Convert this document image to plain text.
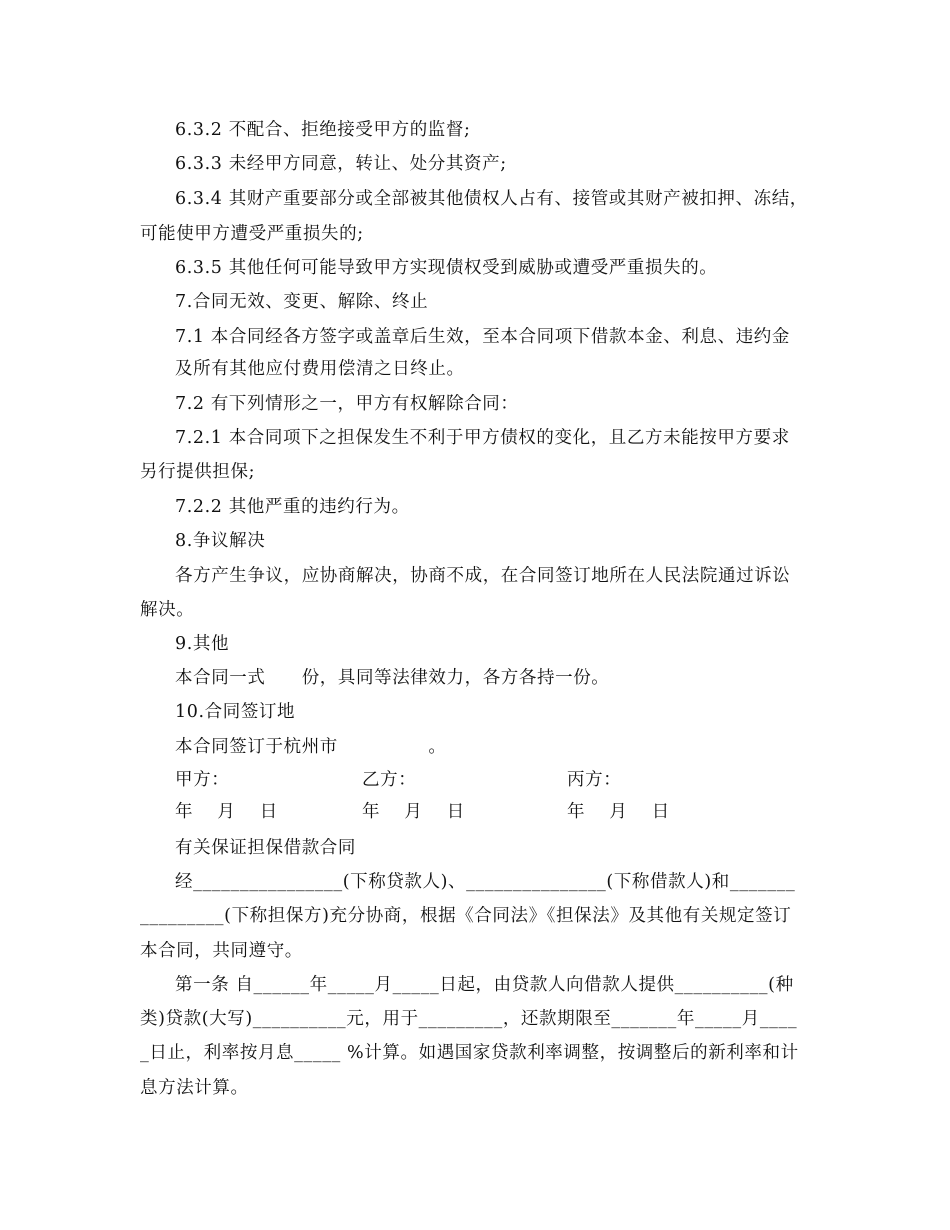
6.3.2 不配合、拒绝接受甲方的监督;
6.3.3 未经甲方同意，转让、处分其资产;
6.3.4 其财产重要部分或全部被其他债权人占有、接管或其财产被扣押、冻结，
可能使甲方遭受严重损失的;
6.3.5 其他任何可能导致甲方实现债权受到威胁或遭受严重损失的。
7.合同无效、变更、解除、终止
7.1 本合同经各方签字或盖章后生效，至本合同项下借款本金、利息、违约金
及所有其他应付费用偿清之日终止。
7.2 有下列情形之一，甲方有权解除合同：
7.2.1 本合同项下之担保发生不利于甲方债权的变化，且乙方未能按甲方要求
另行提供担保;
7.2.2 其他严重的违约行为。
8.争议解决
各方产生争议，应协商解决，协商不成，在合同签订地所在人民法院通过诉讼
解决。
9.其他
本合同一式　　份，具同等法律效力，各方各持一份。
10.合同签订地
本合同签订于杭州市　　　　　。
甲方：	乙方：	丙方：
年　 月　 日	年　 月　 日	年　 月　 日
有关保证担保借款合同
经________________(下称贷款人)、_______________(下称借款人)和_______
_________(下称担保方)充分协商，根据《合同法》《担保法》及其他有关规定签订
本合同，共同遵守。
第一条 自______年_____月_____日起，由贷款人向借款人提供__________(种
类)贷款(大写)__________元，用于_________，还款期限至_______年_____月____
_日止，利率按月息_____ %计算。如遇国家贷款利率调整，按调整后的新利率和计
息方法计算。
